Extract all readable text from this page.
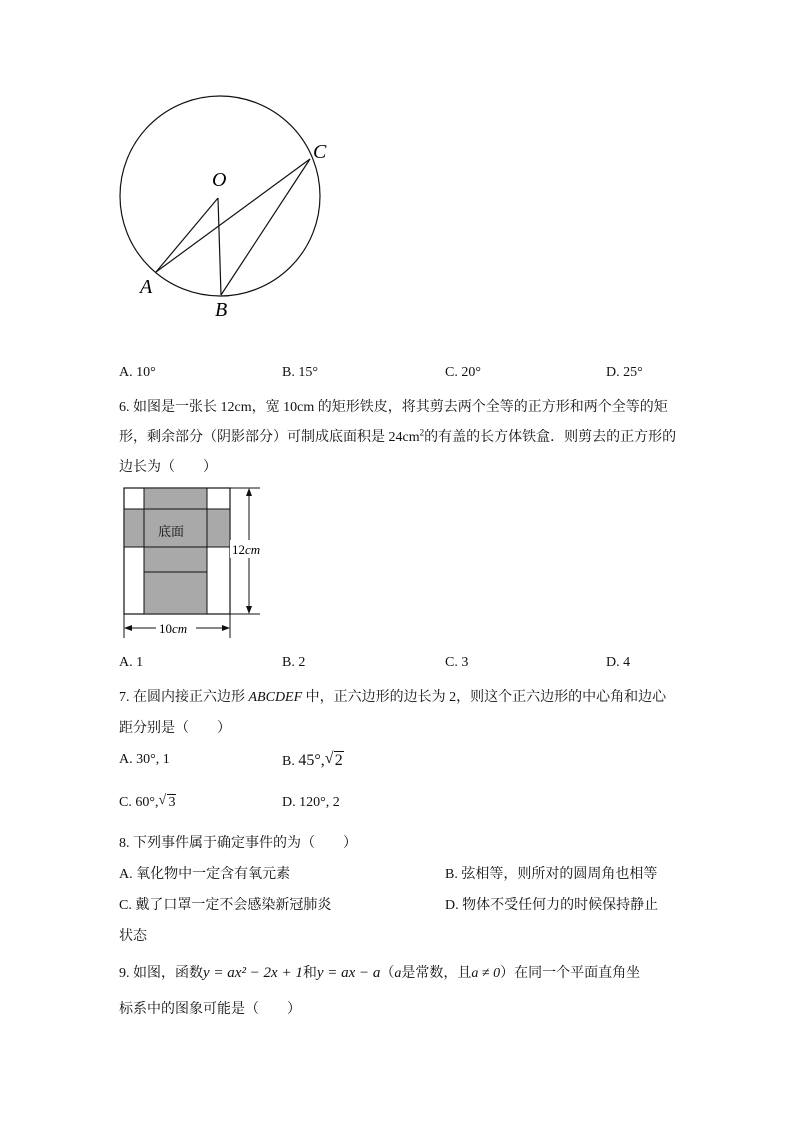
O
A
B
C
A. 10°	B. 15°	C. 20°	D. 25°
6. 如图是一张长 12cm，宽 10cm 的矩形铁皮，将其剪去两个全等的正方形和两个全等的矩
形，剩余部分（阴影部分）可制成底面积是 $24cm^2$的有盖的长方体铁盒．则剪去的正方形的
边长为（　　）
12cm
10cm
底面
A. 1	B. 2	C. 3	D. 4
7. 在圆内接正六边形 ABCDEF 中，正六边形的边长为 2，则这个正六边形的中心角和边心
距分别是（　　）
A. 30°, 1	B. 45°, √ 2
C. 60°, √ 3	D. 120°, 2
8. 下列事件属于确定事件的为（　　）
A. 氧化物中一定含有氧元素	B. 弦相等，则所对的圆周角也相等
C. 戴了口罩一定不会感染新冠肺炎	D. 物体不受任何力的时候保持静止
状态
9. 如图，函数y = ax² − 2x + 1和y = ax − a（a是常数，且a ≠ 0）在同一个平面直角坐
标系中的图象可能是（　　）
